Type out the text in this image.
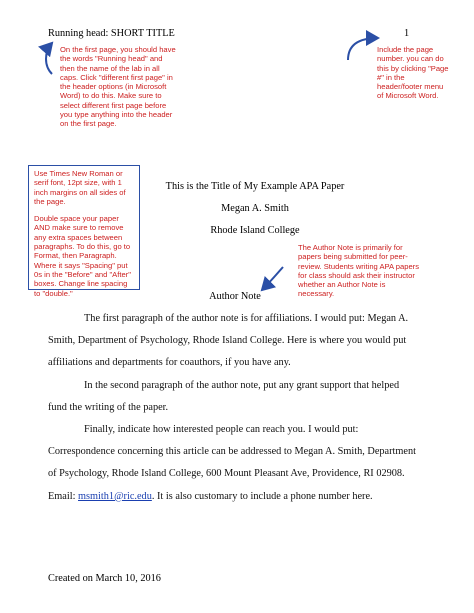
Running head: SHORT TITLE	1

On the first page, you should have the words "Running head" and then the name of the lab in all caps. Click "different first page" in the header options (in Microsoft Word) to do this. Make sure to select different first page before you type anything into the header on the first page.

Include the page number. you can do this by clicking "Page #" in the header/footer menu of Microsoft Word.

Use Times New Roman or serif font, 12pt size, with 1 inch margins on all sides of the page.

Double space your paper AND make sure to remove any extra spaces between paragraphs. To do this, go to Format, then Paragraph. Where it says "Spacing" put 0s in the "Before" and "After" boxes. Change line spacing to "double."

This is the Title of My Example APA Paper
Megan A. Smith
Rhode Island College

The Author Note is primarily for papers being submitted for peer-review. Students writing APA papers for class should ask their instructor whether an Author Note is necessary.

Author Note
The first paragraph of the author note is for affiliations. I would put: Megan A. Smith, Department of Psychology, Rhode Island College. Here is where you would put affiliations and departments for coauthors, if you have any.
In the second paragraph of the author note, put any grant support that helped fund the writing of the paper.
Finally, indicate how interested people can reach you. I would put: Correspondence concerning this article can be addressed to Megan A. Smith, Department of Psychology, Rhode Island College, 600 Mount Pleasant Ave, Providence, RI 02908. Email: msmith1@ric.edu. It is also customary to include a phone number here.
Created on March 10, 2016
